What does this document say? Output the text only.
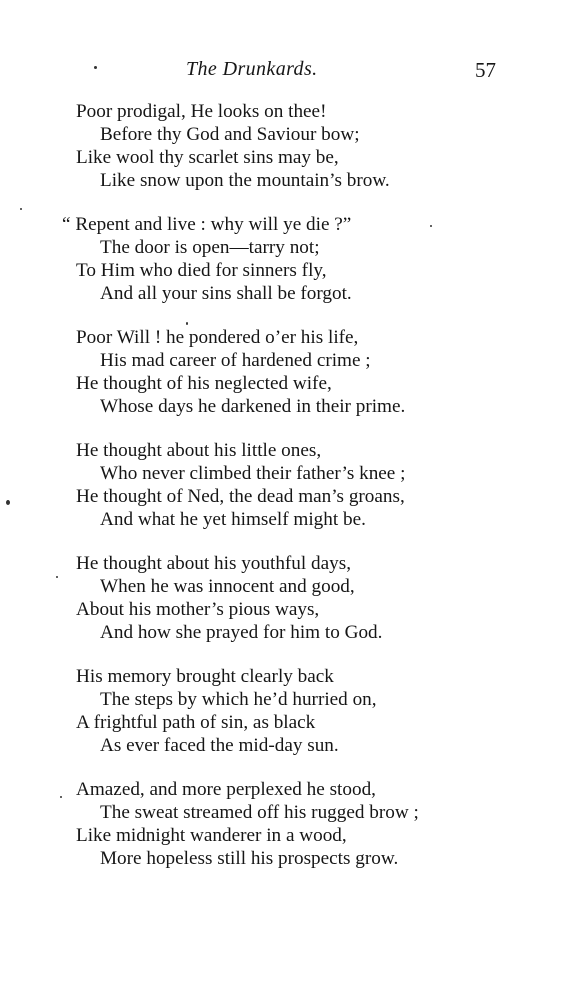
The Drunkards.	57

Poor prodigal, He looks on thee!
Before thy God and Saviour bow;
Like wool thy scarlet sins may be,
Like snow upon the mountain’s brow.

“ Repent and live : why will ye die ?”
The door is open—tarry not;
To Him who died for sinners fly,
And all your sins shall be forgot.

Poor Will ! he pondered o’er his life,
His mad career of hardened crime ;
He thought of his neglected wife,
Whose days he darkened in their prime.

He thought about his little ones,
Who never climbed their father’s knee ;
He thought of Ned, the dead man’s groans,
And what he yet himself might be.

He thought about his youthful days,
When he was innocent and good,
About his mother’s pious ways,
And how she prayed for him to God.

His memory brought clearly back
The steps by which he’d hurried on,
A frightful path of sin, as black
As ever faced the mid-day sun.

Amazed, and more perplexed he stood,
The sweat streamed off his rugged brow ;
Like midnight wanderer in a wood,
More hopeless still his prospects grow.
